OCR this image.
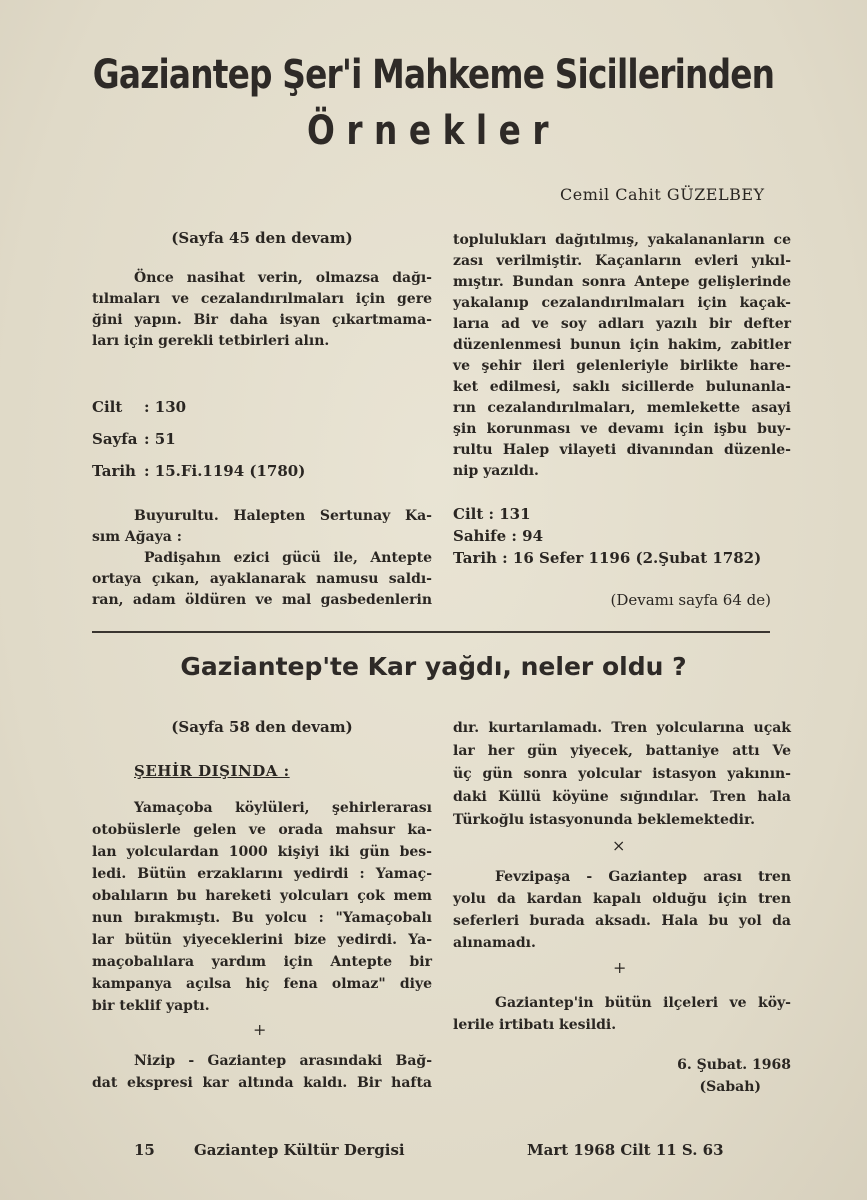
Gaziantep Şer'i Mahkeme Sicillerinden
Örnekler
Cemil Cahit GÜZELBEY
(Sayfa 45 den devam)
Önce nasihat verin, olmazsa dağı-
tılmaları ve cezalandırılmaları için gere
ğini yapın. Bir daha isyan çıkartmama-
ları için gerekli tetbirleri alın.
Cilt : 130
Sayfa : 51
Tarih : 15.Fi.1194 (1780)
Buyurultu. Halepten Sertunay Ka-
sım Ağaya :
Padişahın ezici gücü ile, Antepte
ortaya çıkan, ayaklanarak namusu saldı-
ran, adam öldüren ve mal gasbedenlerin
toplulukları dağıtılmış, yakalananların ce
zası verilmiştir. Kaçanların evleri yıkıl-
mıştır. Bundan sonra Antepe gelişlerinde
yakalanıp cezalandırılmaları için kaçak-
larıa ad ve soy adları yazılı bir defter
düzenlenmesi bunun için hakim, zabitler
ve şehir ileri gelenleriyle birlikte hare-
ket edilmesi, saklı sicillerde bulunanla-
rın cezalandırılmaları, memlekette asayi
şin korunması ve devamı için işbu buy-
rultu Halep vilayeti divanından düzenle-
nip yazıldı.
Cilt : 131
Sahife : 94
Tarih : 16 Sefer 1196 (2.Şubat 1782)
(Devamı sayfa 64 de)
Gaziantep'te Kar yağdı, neler oldu ?
(Sayfa 58 den devam)
ŞEHİR DIŞINDA :
Yamaçoba köylüleri, şehirlerarası
otobüslerle gelen ve orada mahsur ka-
lan yolculardan 1000 kişiyi iki gün bes-
ledi. Bütün erzaklarını yedirdi : Yamaç-
obalıların bu hareketi yolcuları çok mem
nun bırakmıştı. Bu yolcu : "Yamaçobalı
lar bütün yiyeceklerini bize yedirdi. Ya-
maçobalılara yardım için Antepte bir
kampanya açılsa hiç fena olmaz" diye
bir teklif yaptı.
+
Nizip - Gaziantep arasındaki Bağ-
dat ekspresi kar altında kaldı. Bir hafta
dır. kurtarılamadı. Tren yolcularına uçak
lar her gün yiyecek, battaniye attı Ve
üç gün sonra yolcular istasyon yakının-
daki Küllü köyüne sığındılar. Tren hala
Türkoğlu istasyonunda beklemektedir.
×
Fevzipaşa - Gaziantep arası tren
yolu da kardan kapalı olduğu için tren
seferleri burada aksadı. Hala bu yol da
alınamadı.
+
Gaziantep'in bütün ilçeleri ve köy-
lerile irtibatı kesildi.
6. Şubat. 1968
(Sabah)
15	Gaziantep Kültür Dergisi	Mart 1968 Cilt 11 S. 63
